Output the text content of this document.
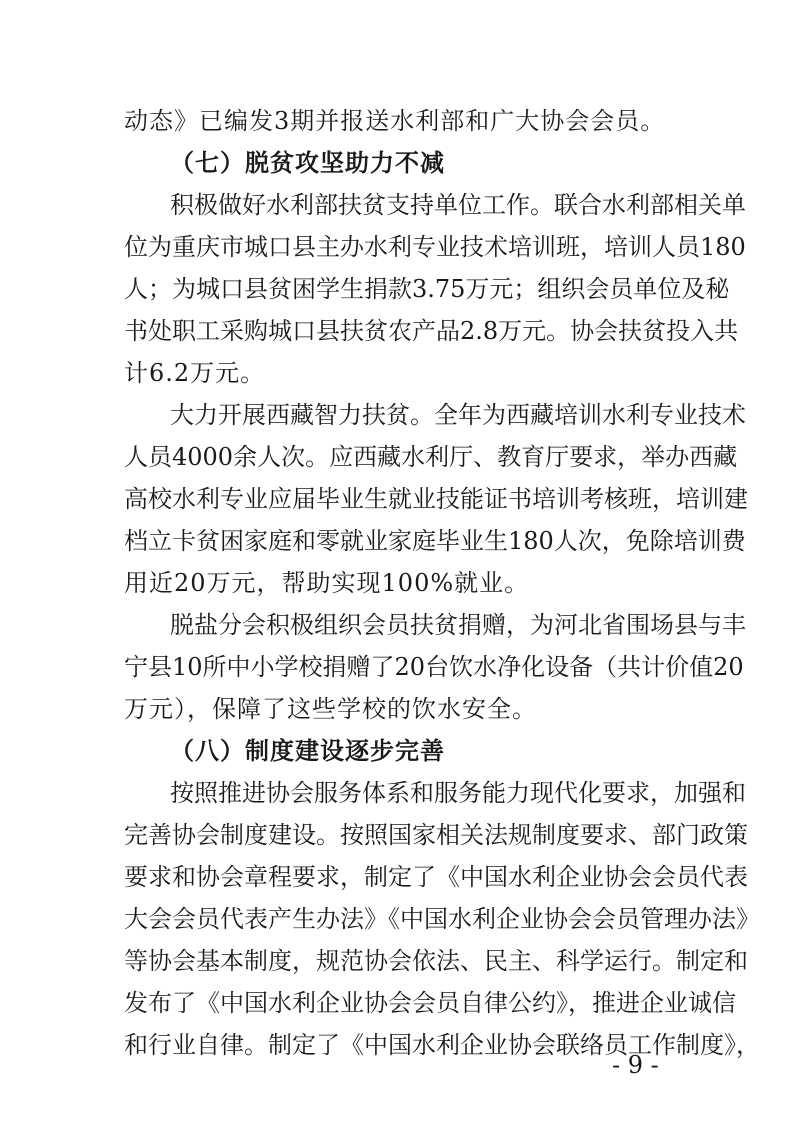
动态》已编发3期并报送水利部和广大协会会员。
（七）脱贫攻坚助力不减
积极做好水利部扶贫支持单位工作。联合水利部相关单
位为重庆市城口县主办水利专业技术培训班，培训人员180
人；为城口县贫困学生捐款3.75万元；组织会员单位及秘
书处职工采购城口县扶贫农产品2.8万元。协会扶贫投入共
计6.2万元。
大力开展西藏智力扶贫。全年为西藏培训水利专业技术
人员4000余人次。应西藏水利厅、教育厅要求，举办西藏
高校水利专业应届毕业生就业技能证书培训考核班，培训建
档立卡贫困家庭和零就业家庭毕业生180人次，免除培训费
用近20万元，帮助实现100%就业。
脱盐分会积极组织会员扶贫捐赠，为河北省围场县与丰
宁县10所中小学校捐赠了20台饮水净化设备（共计价值20
万元），保障了这些学校的饮水安全。
（八）制度建设逐步完善
按照推进协会服务体系和服务能力现代化要求，加强和
完善协会制度建设。按照国家相关法规制度要求、部门政策
要求和协会章程要求，制定了《中国水利企业协会会员代表
大会会员代表产生办法》《中国水利企业协会会员管理办法》
等协会基本制度，规范协会依法、民主、科学运行。制定和
发布了《中国水利企业协会会员自律公约》，推进企业诚信
和行业自律。制定了《中国水利企业协会联络员工作制度》，
- 9 -
